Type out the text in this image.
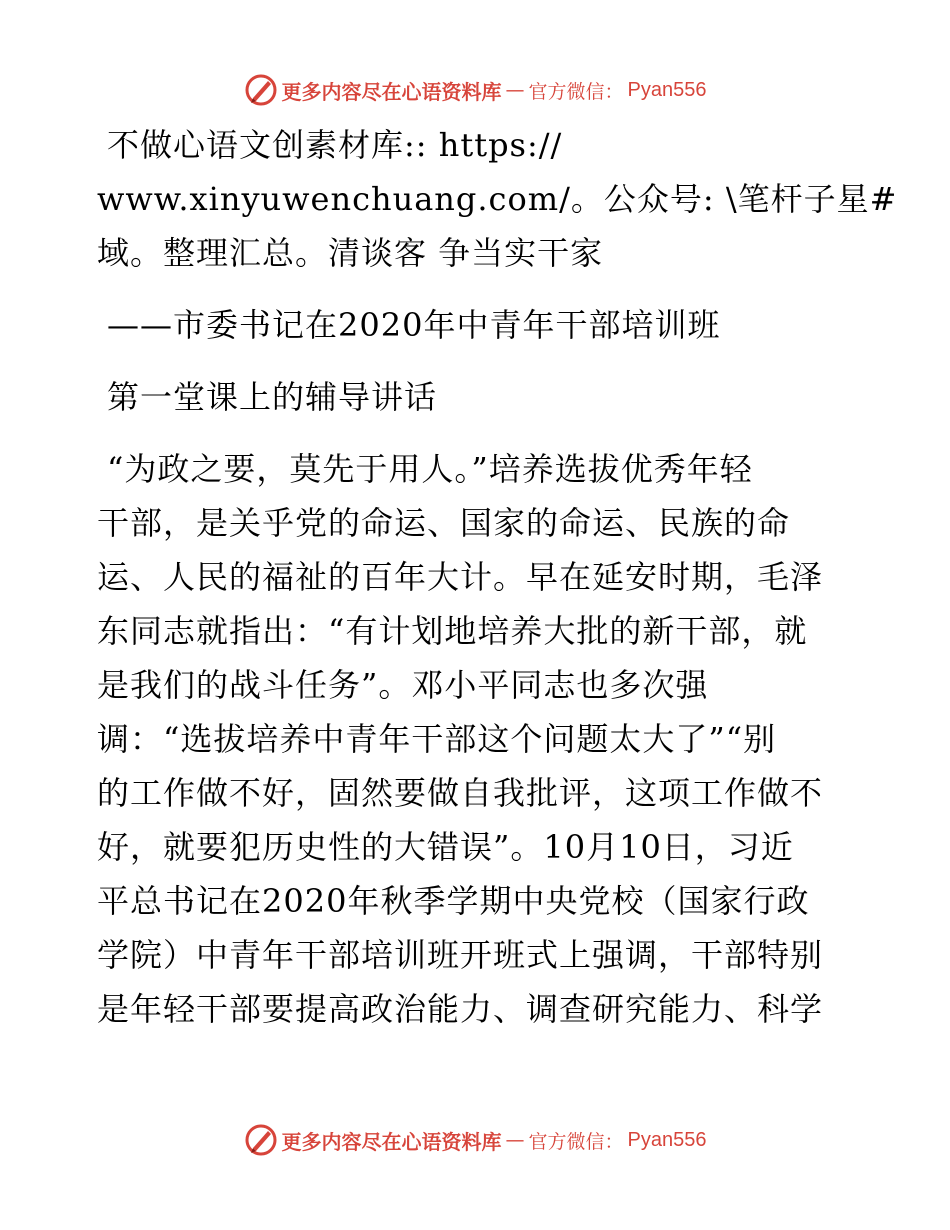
更多内容尽在心语资料库 — 官方微信： Pyan556
不做心语文创素材库:: https://
www.xinyuwenchuang.com/。公众号: \笔杆子星#
域。整理汇总。清谈客 争当实干家
——市委书记在2020年中青年干部培训班
第一堂课上的辅导讲话
“为政之要，莫先于用人。”培养选拔优秀年轻
干部，是关乎党的命运、国家的命运、民族的命
运、人民的福祉的百年大计。早在延安时期，毛泽
东同志就指出：“有计划地培养大批的新干部，就
是我们的战斗任务”。邓小平同志也多次强
调：“选拔培养中青年干部这个问题太大了”“别
的工作做不好，固然要做自我批评，这项工作做不
好，就要犯历史性的大错误”。10月10日，习近
平总书记在2020年秋季学期中央党校（国家行政
学院）中青年干部培训班开班式上强调，干部特别
是年轻干部要提高政治能力、调查研究能力、科学
更多内容尽在心语资料库 — 官方微信： Pyan556
